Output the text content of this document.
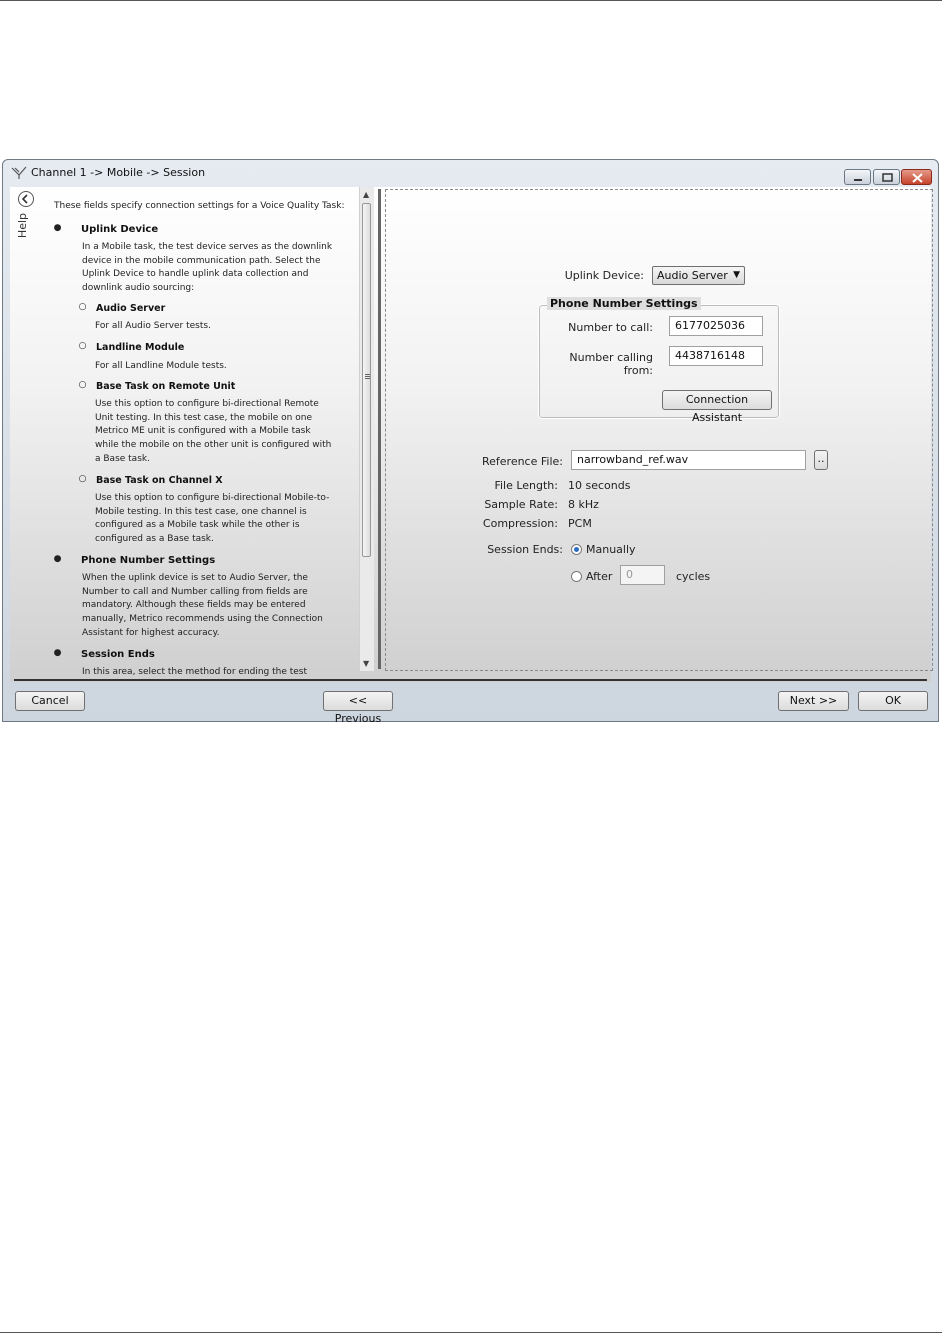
Channel 1 -> Mobile -> Session
Help
These fields specify connection settings for a Voice Quality Task:
● Uplink Device
In a Mobile task, the test device serves as the downlink
device in the mobile communication path. Select the
Uplink Device to handle uplink data collection and
downlink audio sourcing:
○ Audio Server
For all Audio Server tests.
○ Landline Module
For all Landline Module tests.
○ Base Task on Remote Unit
Use this option to configure bi-directional Remote
Unit testing. In this test case, the mobile on one
Metrico ME unit is configured with a Mobile task
while the mobile on the other unit is configured with
a Base task.
○ Base Task on Channel X
Use this option to configure bi-directional Mobile-to-
Mobile testing. In this test case, one channel is
configured as a Mobile task while the other is
configured as a Base task.
● Phone Number Settings
When the uplink device is set to Audio Server, the
Number to call and Number calling from fields are
mandatory. Although these fields may be entered
manually, Metrico recommends using the Connection
Assistant for highest accuracy.
● Session Ends
In this area, select the method for ending the test
▲
▼
Uplink Device:	Audio Server ▼
Phone Number Settings
Number to call:	6177025036
Number calling from:
4438716148
Connection Assistant
Reference File:	narrowband_ref.wav	..
File Length: 10 seconds
Sample Rate: 8 kHz
Compression: PCM
Session Ends: Manually
After	0	cycles
Cancel	<< Previous
Next >>	OK
